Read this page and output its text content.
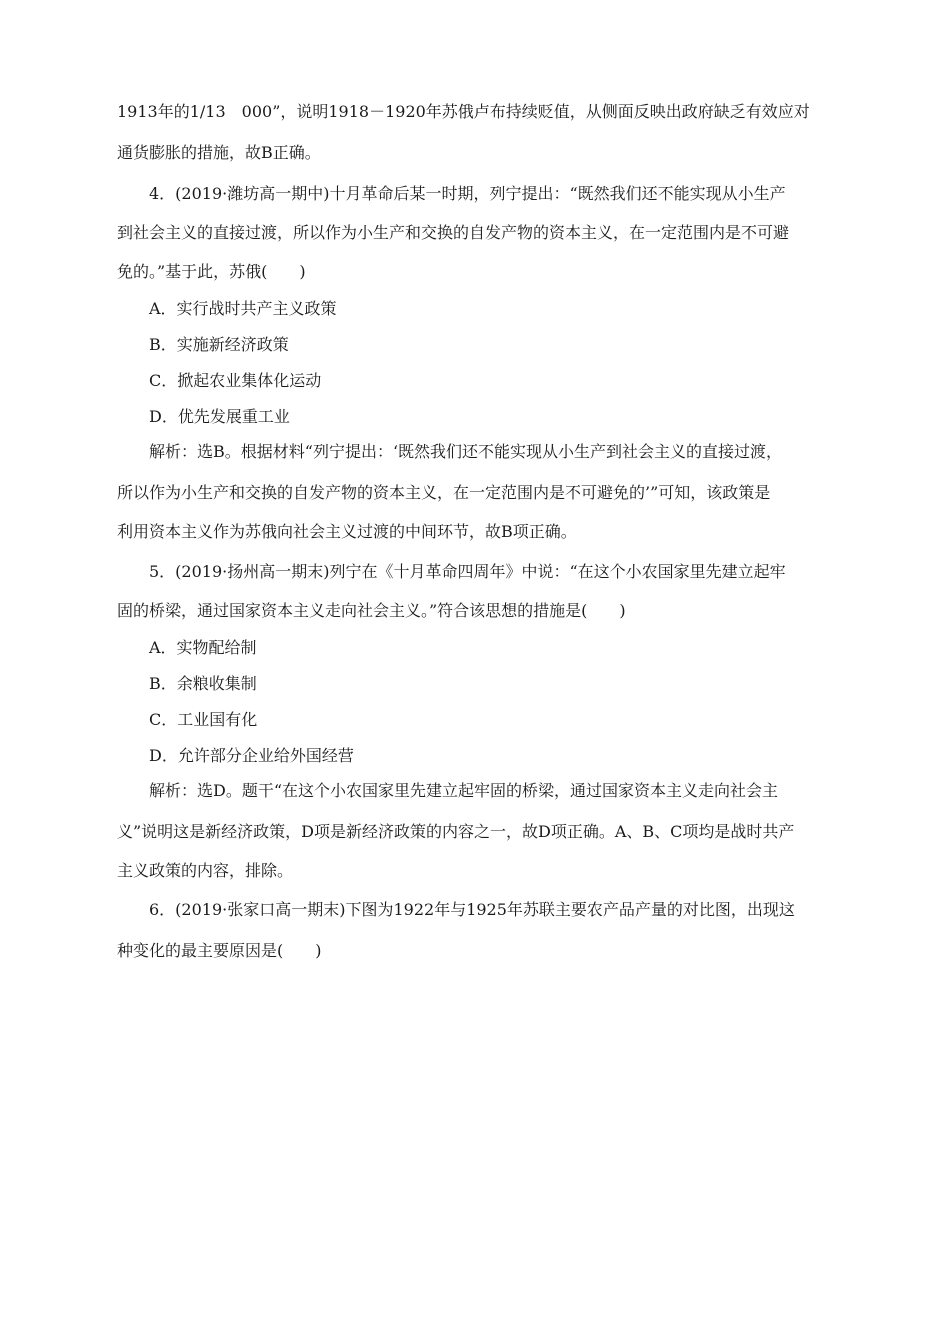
1913年的1/13　000”，说明1918－1920年苏俄卢布持续贬值，从侧面反映出政府缺乏有效应对
通货膨胀的措施，故B正确。
4．(2019·潍坊高一期中)十月革命后某一时期，列宁提出：“既然我们还不能实现从小生产
到社会主义的直接过渡，所以作为小生产和交换的自发产物的资本主义，在一定范围内是不可避
免的。”基于此，苏俄(　　)
A．实行战时共产主义政策
B．实施新经济政策
C．掀起农业集体化运动
D．优先发展重工业
解析：选B。根据材料“列宁提出：‘既然我们还不能实现从小生产到社会主义的直接过渡，
所以作为小生产和交换的自发产物的资本主义，在一定范围内是不可避免的’”可知，该政策是
利用资本主义作为苏俄向社会主义过渡的中间环节，故B项正确。
5．(2019·扬州高一期末)列宁在《十月革命四周年》中说：“在这个小农国家里先建立起牢
固的桥梁，通过国家资本主义走向社会主义。”符合该思想的措施是(　　)
A．实物配给制
B．余粮收集制
C．工业国有化
D．允许部分企业给外国经营
解析：选D。题干“在这个小农国家里先建立起牢固的桥梁，通过国家资本主义走向社会主
义”说明这是新经济政策，D项是新经济政策的内容之一，故D项正确。A、B、C项均是战时共产
主义政策的内容，排除。
6．(2019·张家口高一期末)下图为1922年与1925年苏联主要农产品产量的对比图，出现这
种变化的最主要原因是(　　)
